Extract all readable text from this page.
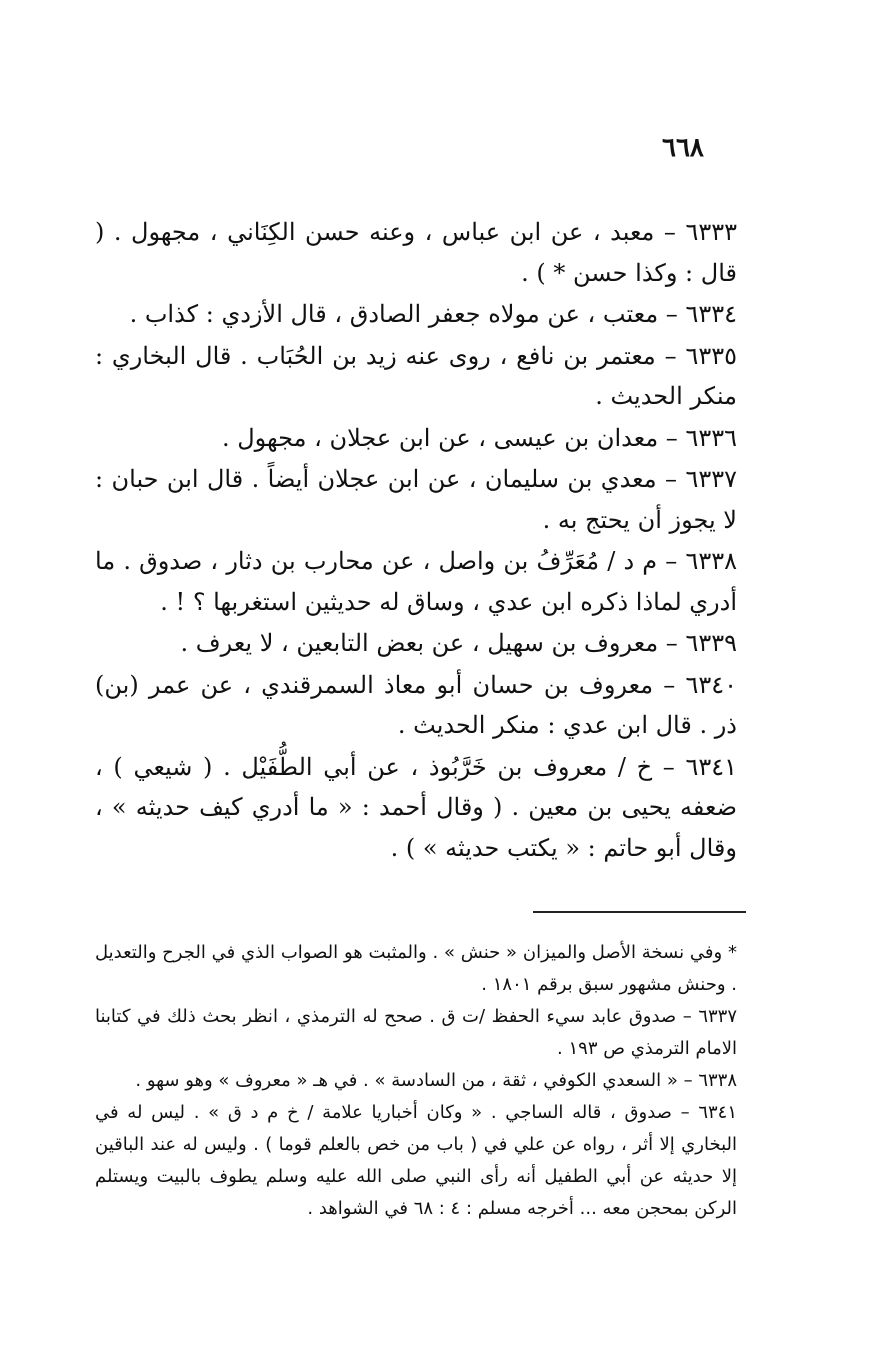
٦٦٨

٦٣٣٣ – معبد ، عن ابن عباس ، وعنه حسن الكِنَاني ، مجهول . ( قال : وكذا حسن * ) .

٦٣٣٤ – معتب ، عن مولاه جعفر الصادق ، قال الأزدي : كذاب .

٦٣٣٥ – معتمر بن نافع ، روى عنه زيد بن الحُبَاب . قال البخاري : منكر الحديث .

٦٣٣٦ – معدان بن عيسى ، عن ابن عجلان ، مجهول .

٦٣٣٧ – معدي بن سليمان ، عن ابن عجلان أيضاً . قال ابن حبان : لا يجوز أن يحتج به .

٦٣٣٨ – م د / مُعَرِّفُ بن واصل ، عن محارب بن دثار ، صدوق . ما أدري لماذا ذكره ابن عدي ، وساق له حديثين استغربها ؟ ! .

٦٣٣٩ – معروف بن سهيل ، عن بعض التابعين ، لا يعرف .

٦٣٤٠ – معروف بن حسان أبو معاذ السمرقندي ، عن عمر (بن) ذر . قال ابن عدي : منكر الحديث .

٦٣٤١ – خ / معروف بن خَرَّبُوذ ، عن أبي الطُّفَيْل . ( شيعي ) ، ضعفه يحيى بن معين . ( وقال أحمد : « ما أدري كيف حديثه » ، وقال أبو حاتم : « يكتب حديثه » ) .

* وفي نسخة الأصل والميزان « حنش » . والمثبت هو الصواب الذي في الجرح والتعديل . وحنش مشهور سبق برقم ١٨٠١ .

٦٣٣٧ – صدوق عابد سيء الحفظ /ت ق . صحح له الترمذي ، انظر بحث ذلك في كتابنا الامام الترمذي ص ١٩٣ .

٦٣٣٨ – « السعدي الكوفي ، ثقة ، من السادسة » . في هـ « معروف » وهو سهو .

٦٣٤١ – صدوق ، قاله الساجي . « وكان أخباريا علامة / خ م د ق » . ليس له في البخاري إلا أثر ، رواه عن علي في ( باب من خص بالعلم قوما ) . وليس له عند الباقين إلا حديثه عن أبي الطفيل أنه رأى النبي صلى الله عليه وسلم يطوف بالبيت ويستلم الركن بمحجن معه ... أخرجه مسلم : ٤ : ٦٨ في الشواهد .
